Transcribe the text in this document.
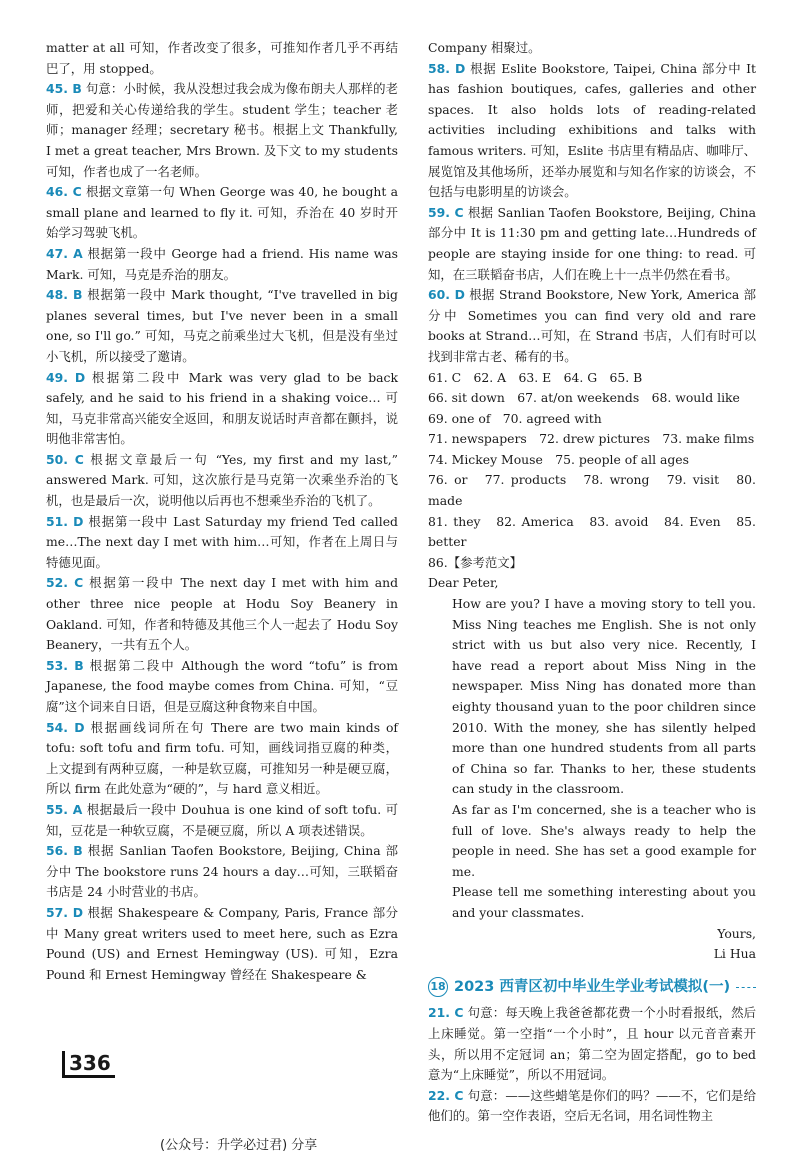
matter at all 可知，作者改变了很多，可推知作者几乎不再结巴了，用 stopped。

45. B 句意：小时候，我从没想过我会成为像布朗夫人那样的老师，把爱和关心传递给我的学生。student 学生；teacher 老师；manager 经理；secretary 秘书。根据上文 Thankfully, I met a great teacher, Mrs Brown. 及下文 to my students 可知，作者也成了一名老师。

46. C 根据文章第一句 When George was 40, he bought a small plane and learned to fly it. 可知，乔治在 40 岁时开始学习驾驶飞机。

47. A 根据第一段中 George had a friend. His name was Mark. 可知，马克是乔治的朋友。

48. B 根据第一段中 Mark thought, “I've travelled in big planes several times, but I've never been in a small one, so I'll go.” 可知，马克之前乘坐过大飞机，但是没有坐过小飞机，所以接受了邀请。

49. D 根据第二段中 Mark was very glad to be back safely, and he said to his friend in a shaking voice… 可知，马克非常高兴能安全返回，和朋友说话时声音都在颤抖，说明他非常害怕。

50. C 根据文章最后一句 “Yes, my first and my last,” answered Mark. 可知，这次旅行是马克第一次乘坐乔治的飞机，也是最后一次，说明他以后再也不想乘坐乔治的飞机了。

51. D 根据第一段中 Last Saturday my friend Ted called me…The next day I met with him…可知，作者在上周日与特德见面。

52. C 根据第一段中 The next day I met with him and other three nice people at Hodu Soy Beanery in Oakland. 可知，作者和特德及其他三个人一起去了 Hodu Soy Beanery，一共有五个人。

53. B 根据第二段中 Although the word “tofu” is from Japanese, the food maybe comes from China. 可知，“豆腐”这个词来自日语，但是豆腐这种食物来自中国。

54. D 根据画线词所在句 There are two main kinds of tofu: soft tofu and firm tofu. 可知，画线词指豆腐的种类，上文提到有两种豆腐，一种是软豆腐，可推知另一种是硬豆腐，所以 firm 在此处意为“硬的”，与 hard 意义相近。

55. A 根据最后一段中 Douhua is one kind of soft tofu. 可知，豆花是一种软豆腐，不是硬豆腐，所以 A 项表述错误。

56. B 根据 Sanlian Taofen Bookstore, Beijing, China 部分中 The bookstore runs 24 hours a day…可知，三联韬奋书店是 24 小时营业的书店。

57. D 根据 Shakespeare & Company, Paris, France 部分中 Many great writers used to meet here, such as Ezra Pound (US) and Ernest Hemingway (US). 可知，Ezra Pound 和 Ernest Hemingway 曾经在 Shakespeare &

Company 相聚过。

58. D 根据 Eslite Bookstore, Taipei, China 部分中 It has fashion boutiques, cafes, galleries and other spaces. It also holds lots of reading-related activities including exhibitions and talks with famous writers. 可知，Eslite 书店里有精品店、咖啡厅、展览馆及其他场所，还举办展览和与知名作家的访谈会，不包括与电影明星的访谈会。

59. C 根据 Sanlian Taofen Bookstore, Beijing, China 部分中 It is 11:30 pm and getting late…Hundreds of people are staying inside for one thing: to read. 可知，在三联韬奋书店，人们在晚上十一点半仍然在看书。

60. D 根据 Strand Bookstore, New York, America 部分中 Sometimes you can find very old and rare books at Strand…可知，在 Strand 书店，人们有时可以找到非常古老、稀有的书。

61. C　62. A　63. E　64. G　65. B

66. sit down　67. at/on weekends　68. would like

69. one of　70. agreed with

71. newspapers　72. drew pictures　73. make films

74. Mickey Mouse　75. people of all ages

76. or　77. products　78. wrong　79. visit　80. made

81. they　82. America　83. avoid　84. Even　85. better

86.【参考范文】

Dear Peter,

How are you? I have a moving story to tell you. Miss Ning teaches me English. She is not only strict with us but also very nice. Recently, I have read a report about Miss Ning in the newspaper. Miss Ning has donated more than eighty thousand yuan to the poor children since 2010. With the money, she has silently helped more than one hundred students from all parts of China so far. Thanks to her, these students can study in the classroom.

As far as I'm concerned, she is a teacher who is full of love. She's always ready to help the people in need. She has set a good example for me.

Please tell me something interesting about you and your classmates.

Yours,

Li Hua

18 2023 西青区初中毕业生学业考试模拟(一)

21. C 句意：每天晚上我爸爸都花费一个小时看报纸，然后上床睡觉。第一空指“一个小时”，且 hour 以元音音素开头，所以用不定冠词 an；第二空为固定搭配，go to bed 意为“上床睡觉”，所以不用冠词。

22. C 句意：——这些蜡笔是你们的吗？——不，它们是给他们的。第一空作表语，空后无名词，用名词性物主

336
(公众号：升学必过君) 分享
